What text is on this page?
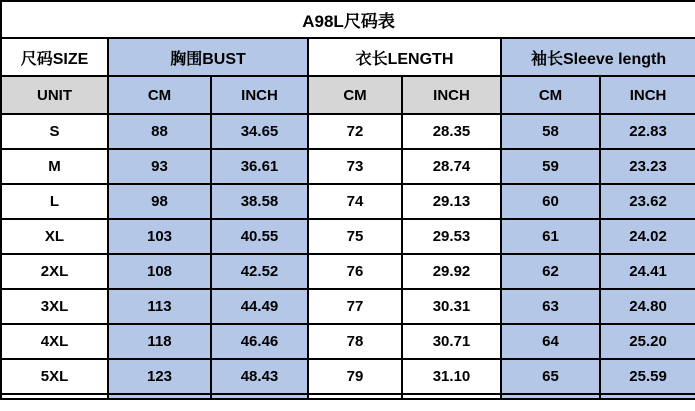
A98L尺码表						
尺码SIZE	胸围BUST		衣长LENGTH		袖长Sleeve length	
UNIT	CM	INCH	CM	INCH	CM	INCH
S	88	34.65	72	28.35	58	22.83
M	93	36.61	73	28.74	59	23.23
L	98	38.58	74	29.13	60	23.62
XL	103	40.55	75	29.53	61	24.02
2XL	108	42.52	76	29.92	62	24.41
3XL	113	44.49	77	30.31	63	24.80
4XL	118	46.46	78	30.71	64	25.20
5XL	123	48.43	79	31.10	65	25.59
